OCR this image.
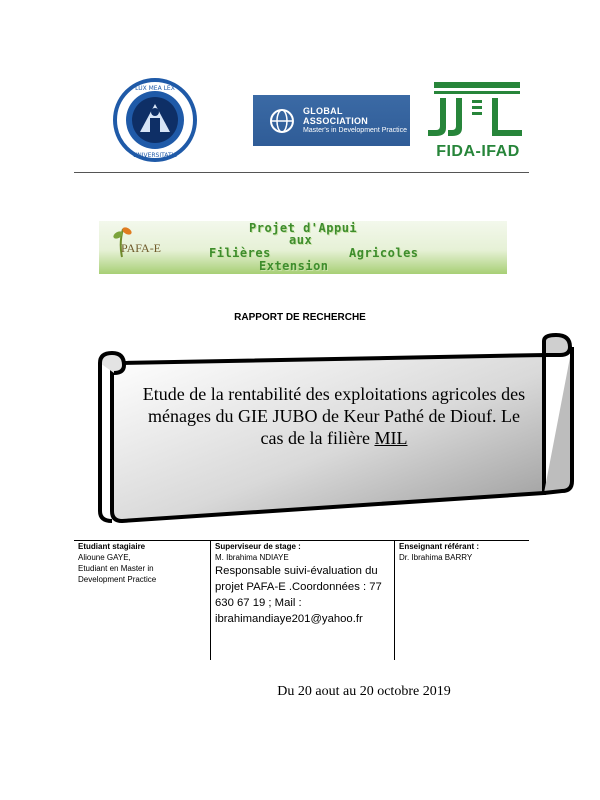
LUX MEA LEX
UNIVERSITATIS
GLOBAL ASSOCIATION
Master's in Development Practice
FIDA-IFAD
PAFA-E
Projet d'Appui
aux
Filières	Agricoles
Extension
RAPPORT DE RECHERCHE
Etude de la rentabilité des exploitations agricoles des ménages du GIE JUBO de Keur Pathé de Diouf. Le cas de la filière MIL
Etudiant stagiaire
Alioune GAYE,
Etudiant en Master in
Development Practice
Superviseur de stage :
M. Ibrahima NDIAYE
Responsable suivi-évaluation du projet PAFA-E .Coordonnées : 77 630 67 19 ; Mail : ibrahimandiaye201@yahoo.fr
Enseignant référant :
Dr. Ibrahima BARRY
Du 20 aout au 20 octobre 2019
